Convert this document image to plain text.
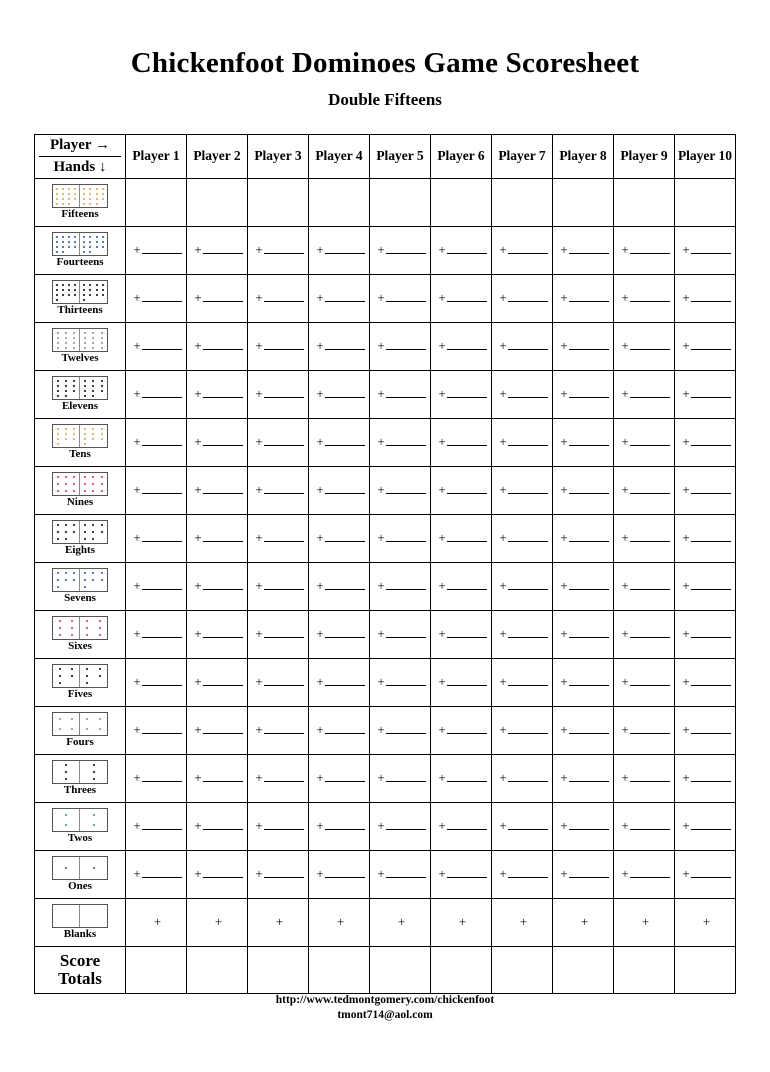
Chickenfoot Dominoes Game Scoresheet
Double Fifteens
Player →
Hands ↓	Player 1	Player 2	Player 3	Player 4	Player 5	Player 6	Player 7	Player 8	Player 9	Player 10

Fifteens										

Fourteens	+	+	+	+	+	+	+	+	+	+

Thirteens	+	+	+	+	+	+	+	+	+	+

Twelves	+	+	+	+	+	+	+	+	+	+

Elevens	+	+	+	+	+	+	+	+	+	+

Tens	+	+	+	+	+	+	+	+	+	+

Nines	+	+	+	+	+	+	+	+	+	+

Eights	+	+	+	+	+	+	+	+	+	+

Sevens	+	+	+	+	+	+	+	+	+	+

Sixes	+	+	+	+	+	+	+	+	+	+

Fives	+	+	+	+	+	+	+	+	+	+

Fours	+	+	+	+	+	+	+	+	+	+

Threes	+	+	+	+	+	+	+	+	+	+

Twos	+	+	+	+	+	+	+	+	+	+

Ones	+	+	+	+	+	+	+	+	+	+

Blanks	+	+	+	+	+	+	+	+	+	+

Score
Totals										

http://www.tedmontgomery.com/chickenfoot
tmont714@aol.com
